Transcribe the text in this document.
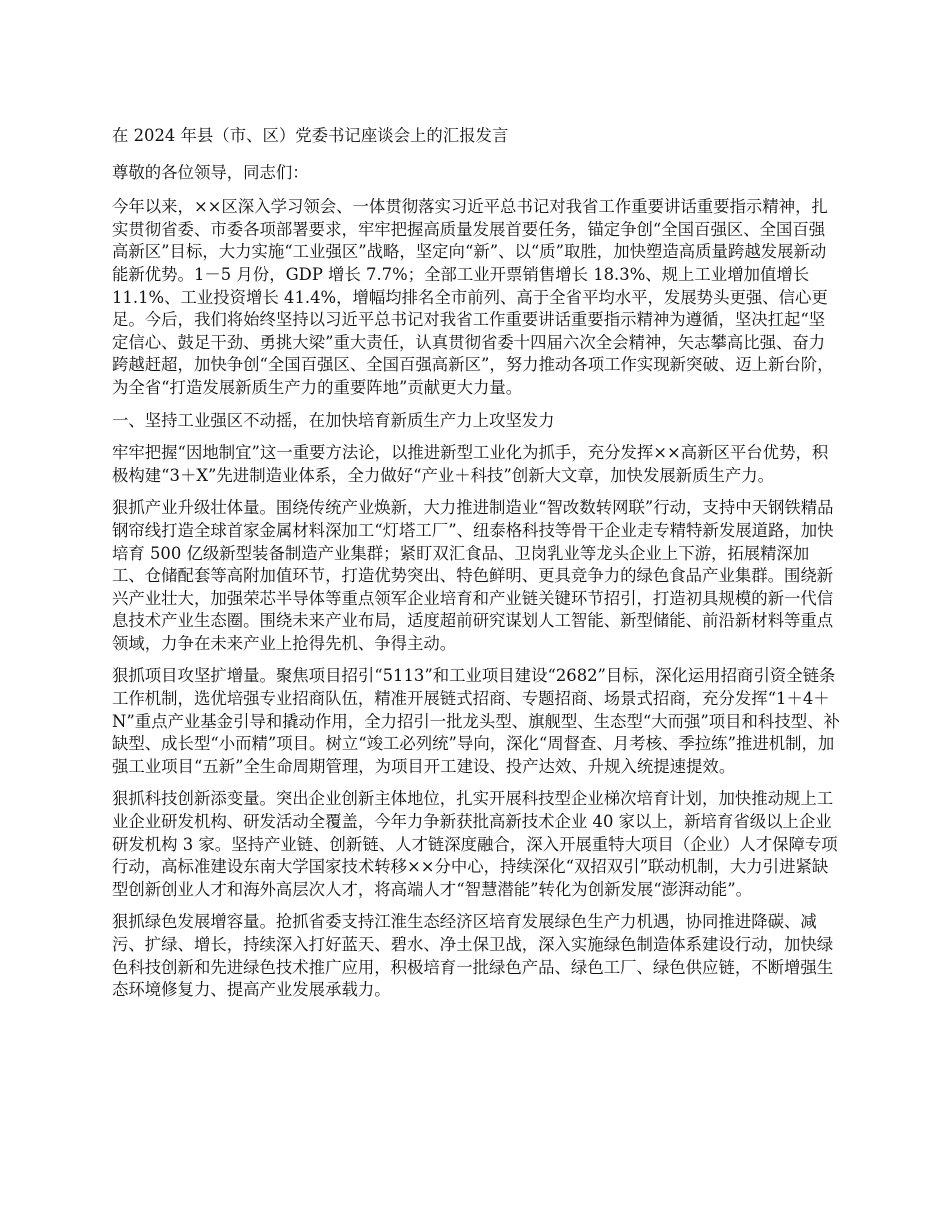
在 2024 年县（市、区）党委书记座谈会上的汇报发言

尊敬的各位领导，同志们：

今年以来，××区深入学习领会、一体贯彻落实习近平总书记对我省工作重要讲话重要指示精神，扎实贯彻省委、市委各项部署要求，牢牢把握高质量发展首要任务，锚定争创“全国百强区、全国百强高新区”目标，大力实施“工业强区”战略，坚定向“新”、以“质”取胜，加快塑造高质量跨越发展新动能新优势。1－5 月份，GDP 增长 7.7%；全部工业开票销售增长 18.3%、规上工业增加值增长 11.1%、工业投资增长 41.4%，增幅均排名全市前列、高于全省平均水平，发展势头更强、信心更足。今后，我们将始终坚持以习近平总书记对我省工作重要讲话重要指示精神为遵循，坚决扛起“坚定信心、鼓足干劲、勇挑大梁”重大责任，认真贯彻省委十四届六次全会精神，矢志攀高比强、奋力跨越赶超，加快争创“全国百强区、全国百强高新区”，努力推动各项工作实现新突破、迈上新台阶，为全省“打造发展新质生产力的重要阵地”贡献更大力量。

一、坚持工业强区不动摇，在加快培育新质生产力上攻坚发力

牢牢把握“因地制宜”这一重要方法论，以推进新型工业化为抓手，充分发挥××高新区平台优势，积极构建“3＋X”先进制造业体系，全力做好“产业＋科技”创新大文章，加快发展新质生产力。

狠抓产业升级壮体量。围绕传统产业焕新，大力推进制造业“智改数转网联”行动，支持中天钢铁精品钢帘线打造全球首家金属材料深加工“灯塔工厂”、纽泰格科技等骨干企业走专精特新发展道路，加快培育 500 亿级新型装备制造产业集群；紧盯双汇食品、卫岗乳业等龙头企业上下游，拓展精深加工、仓储配套等高附加值环节，打造优势突出、特色鲜明、更具竞争力的绿色食品产业集群。围绕新兴产业壮大，加强荣芯半导体等重点领军企业培育和产业链关键环节招引，打造初具规模的新一代信息技术产业生态圈。围绕未来产业布局，适度超前研究谋划人工智能、新型储能、前沿新材料等重点领域，力争在未来产业上抢得先机、争得主动。

狠抓项目攻坚扩增量。聚焦项目招引“5113”和工业项目建设“2682”目标，深化运用招商引资全链条工作机制，选优培强专业招商队伍，精准开展链式招商、专题招商、场景式招商，充分发挥“1＋4＋N”重点产业基金引导和撬动作用，全力招引一批龙头型、旗舰型、生态型“大而强”项目和科技型、补缺型、成长型“小而精”项目。树立“竣工必列统”导向，深化“周督查、月考核、季拉练”推进机制，加强工业项目“五新”全生命周期管理，为项目开工建设、投产达效、升规入统提速提效。

狠抓科技创新添变量。突出企业创新主体地位，扎实开展科技型企业梯次培育计划，加快推动规上工业企业研发机构、研发活动全覆盖，今年力争新获批高新技术企业 40 家以上，新培育省级以上企业研发机构 3 家。坚持产业链、创新链、人才链深度融合，深入开展重特大项目（企业）人才保障专项行动，高标准建设东南大学国家技术转移××分中心，持续深化“双招双引”联动机制，大力引进紧缺型创新创业人才和海外高层次人才，将高端人才“智慧潜能”转化为创新发展“澎湃动能”。

狠抓绿色发展增容量。抢抓省委支持江淮生态经济区培育发展绿色生产力机遇，协同推进降碳、减污、扩绿、增长，持续深入打好蓝天、碧水、净土保卫战，深入实施绿色制造体系建设行动，加快绿色科技创新和先进绿色技术推广应用，积极培育一批绿色产品、绿色工厂、绿色供应链，不断增强生态环境修复力、提高产业发展承载力。
